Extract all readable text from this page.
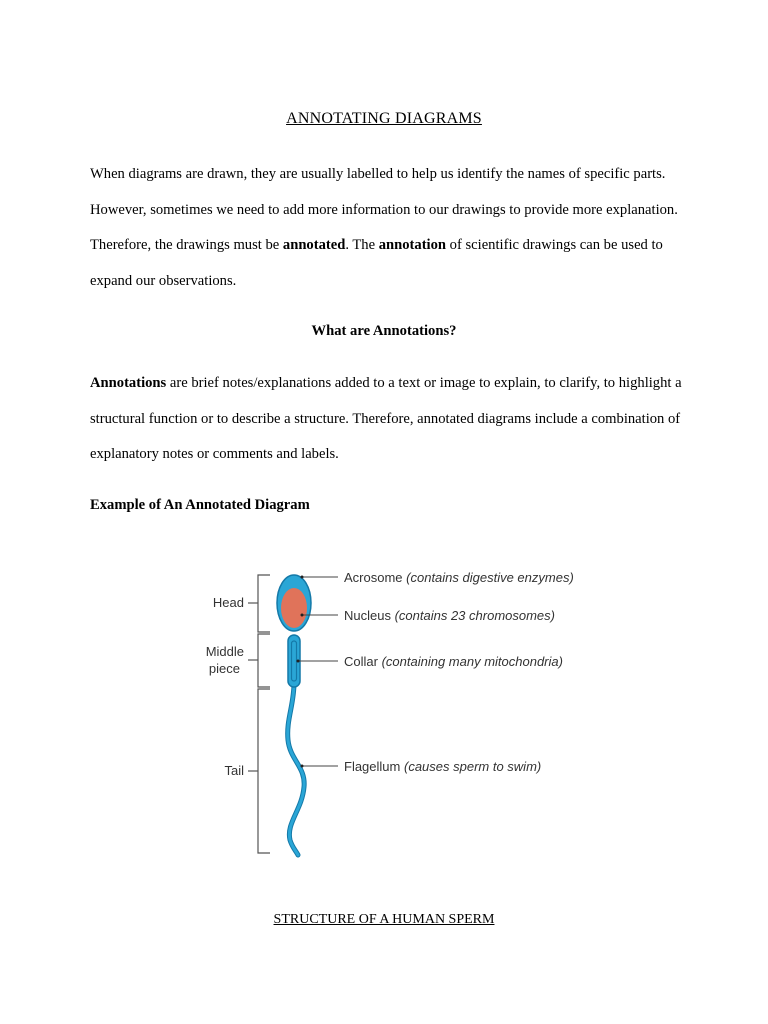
ANNOTATING DIAGRAMS

When diagrams are drawn, they are usually labelled to help us identify the names of specific parts. However, sometimes we need to add more information to our drawings to provide more explanation. Therefore, the drawings must be annotated. The annotation of scientific drawings can be used to expand our observations.

What are Annotations?

Annotations are brief notes/explanations added to a text or image to explain, to clarify, to highlight a structural function or to describe a structure. Therefore, annotated diagrams include a combination of explanatory notes or comments and labels.

Example of An Annotated Diagram
Head
Middle
piece
Tail
Acrosome (contains digestive enzymes)
Nucleus (contains 23 chromosomes)
Collar (containing many mitochondria)
Flagellum (causes sperm to swim)
STRUCTURE OF A HUMAN SPERM
